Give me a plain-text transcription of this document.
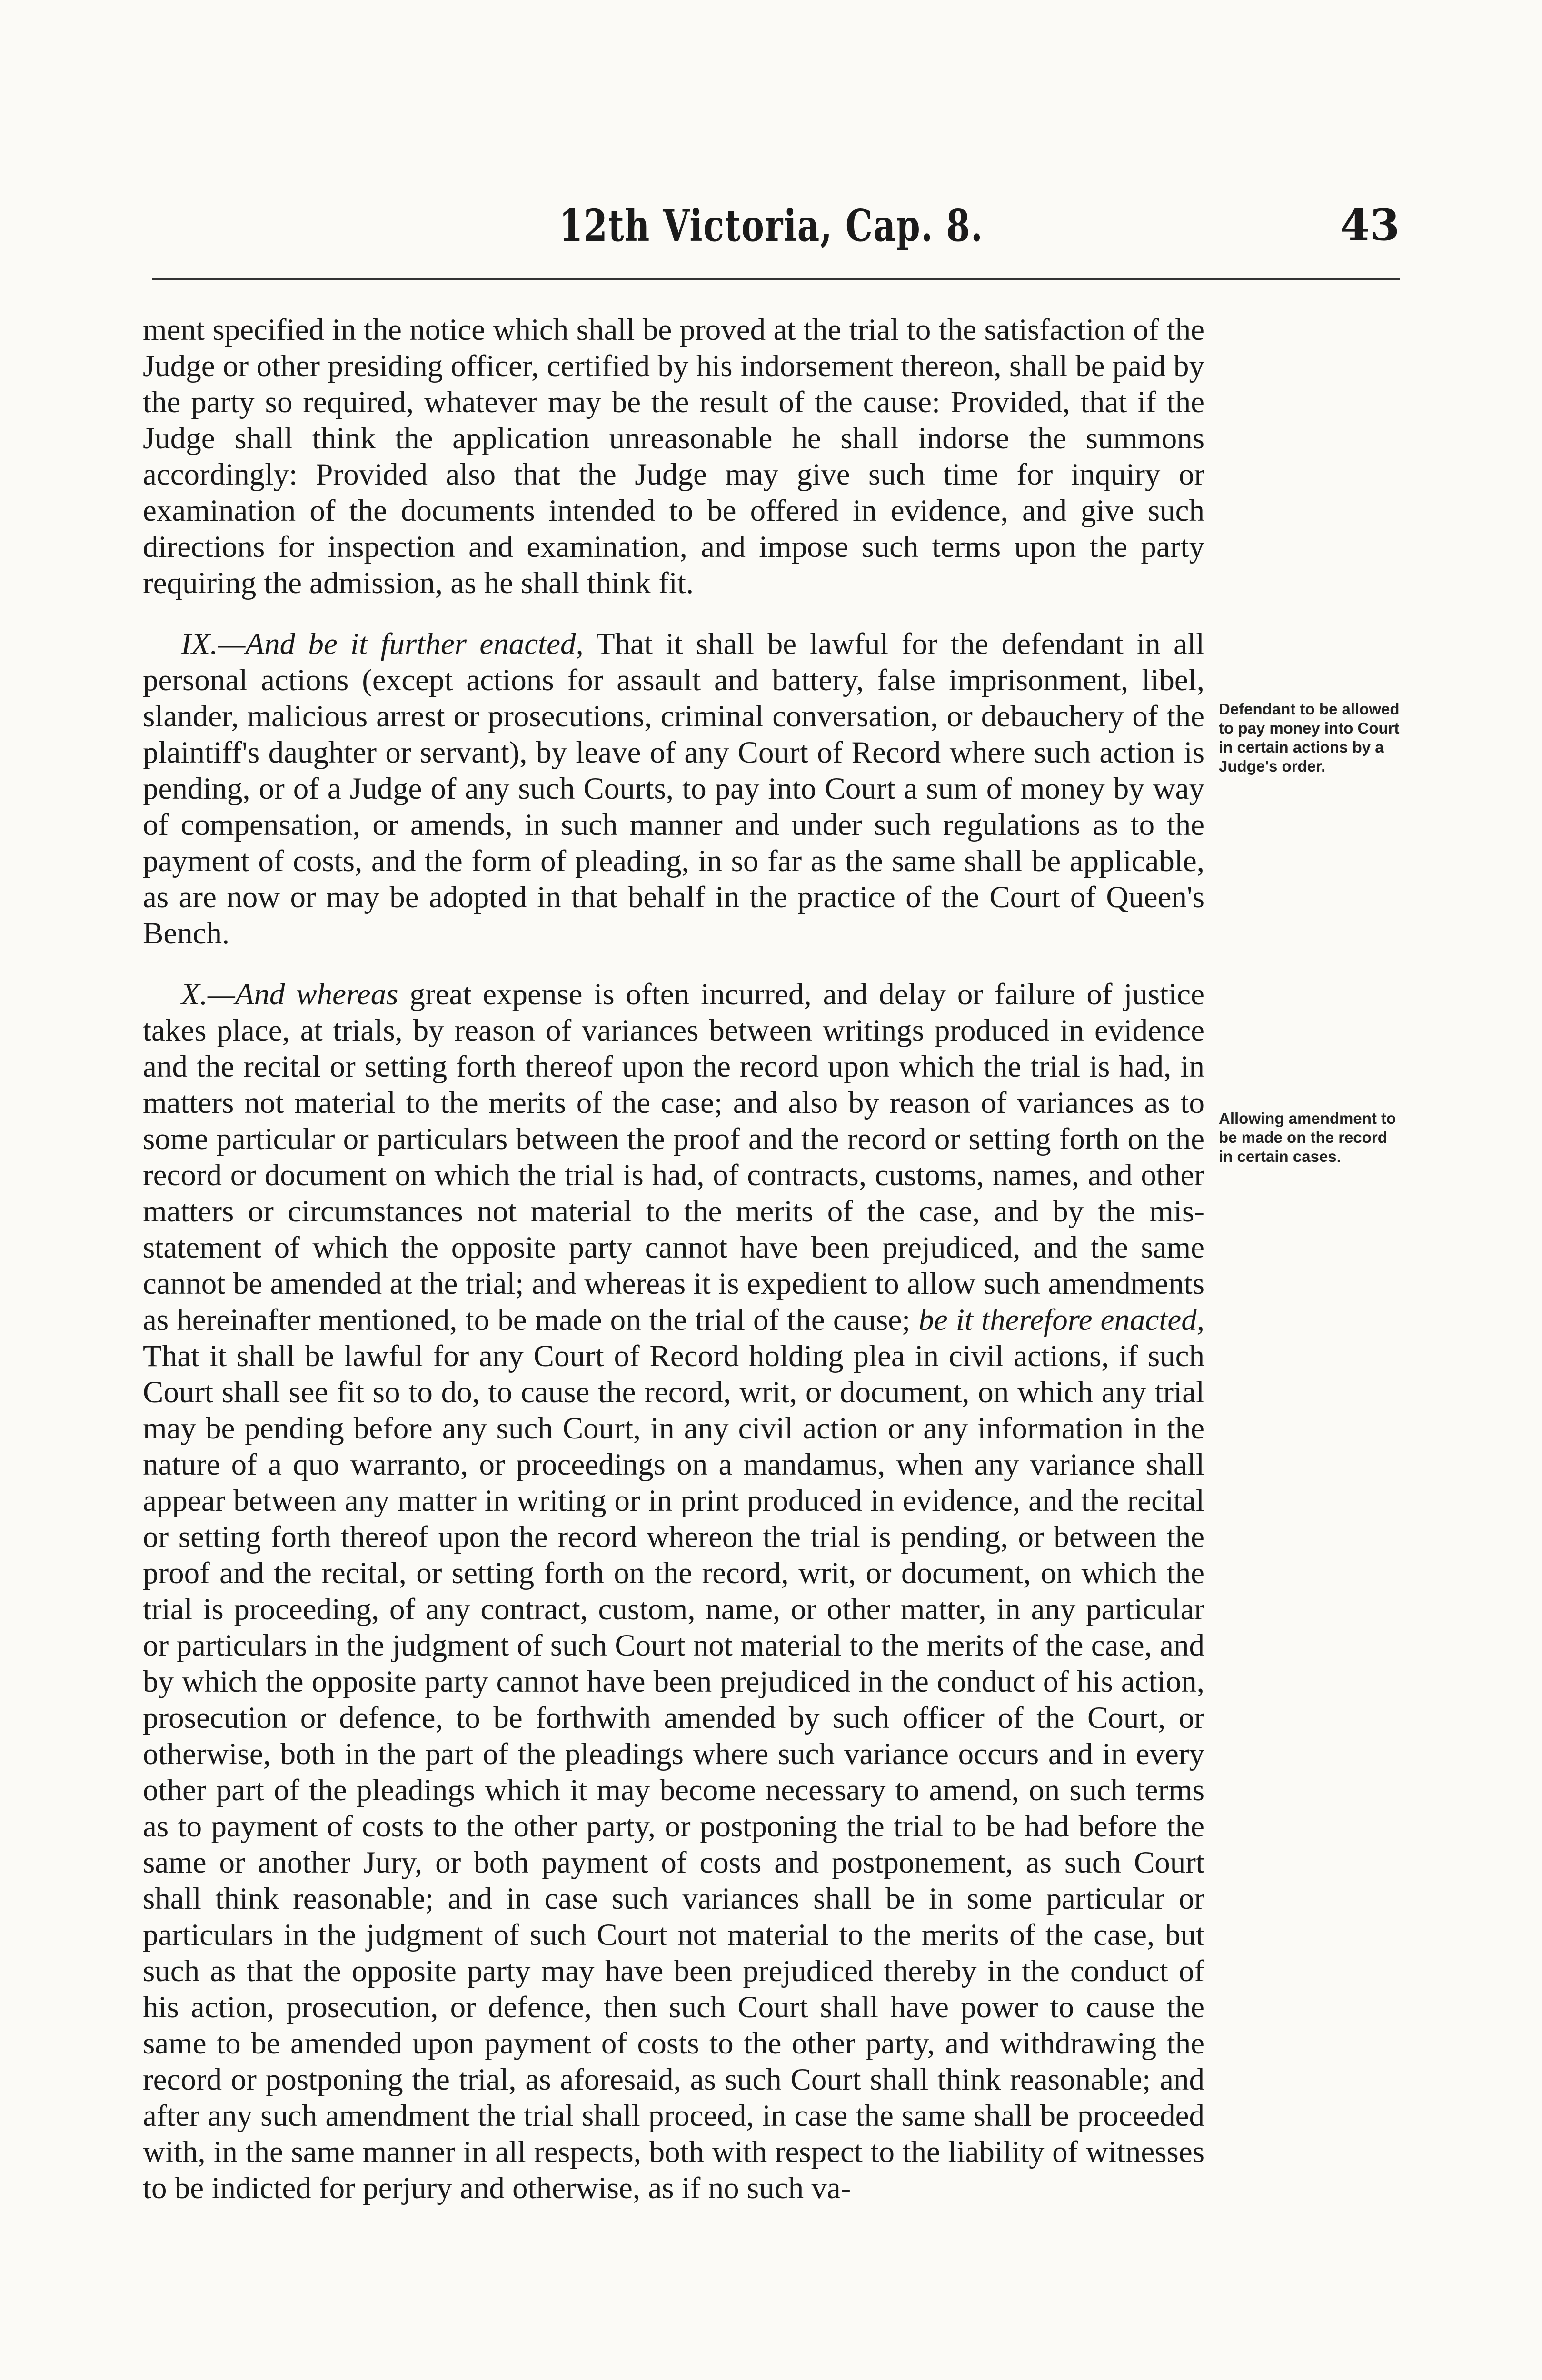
12th Victoria, Cap. 8.	43

ment specified in the notice which shall be proved at the trial to the satisfaction of the Judge or other presiding officer, certified by his indorsement thereon, shall be paid by the party so required, whatever may be the result of the cause: Provided, that if the Judge shall think the application unreasonable he shall indorse the summons accordingly: Provided also that the Judge may give such time for inquiry or examination of the documents intended to be offered in evidence, and give such directions for inspection and examination, and impose such terms upon the party requiring the admission, as he shall think fit.

IX.—And be it further enacted, That it shall be lawful for the defendant in all personal actions (except actions for assault and battery, false imprisonment, libel, slander, malicious arrest or prosecutions, criminal conversation, or debauchery of the plaintiff's daughter or servant), by leave of any Court of Record where such action is pending, or of a Judge of any such Courts, to pay into Court a sum of money by way of compensation, or amends, in such manner and under such regulations as to the payment of costs, and the form of pleading, in so far as the same shall be applicable, as are now or may be adopted in that behalf in the practice of the Court of Queen's Bench.

X.—And whereas great expense is often incurred, and delay or failure of justice takes place, at trials, by reason of variances between writings produced in evidence and the recital or setting forth thereof upon the record upon which the trial is had, in matters not material to the merits of the case; and also by reason of variances as to some particular or particulars between the proof and the record or setting forth on the record or document on which the trial is had, of contracts, customs, names, and other matters or circumstances not material to the merits of the case, and by the mis-statement of which the opposite party cannot have been prejudiced, and the same cannot be amended at the trial; and whereas it is expedient to allow such amendments as hereinafter mentioned, to be made on the trial of the cause; be it therefore enacted, That it shall be lawful for any Court of Record holding plea in civil actions, if such Court shall see fit so to do, to cause the record, writ, or document, on which any trial may be pending before any such Court, in any civil action or any information in the nature of a quo warranto, or proceedings on a mandamus, when any variance shall appear between any matter in writing or in print produced in evidence, and the recital or setting forth thereof upon the record whereon the trial is pending, or between the proof and the recital, or setting forth on the record, writ, or document, on which the trial is proceeding, of any contract, custom, name, or other matter, in any particular or particulars in the judgment of such Court not material to the merits of the case, and by which the opposite party cannot have been prejudiced in the conduct of his action, prosecution or defence, to be forthwith amended by such officer of the Court, or otherwise, both in the part of the pleadings where such variance occurs and in every other part of the pleadings which it may become necessary to amend, on such terms as to payment of costs to the other party, or postponing the trial to be had before the same or another Jury, or both payment of costs and postponement, as such Court shall think reasonable; and in case such variances shall be in some particular or particulars in the judgment of such Court not material to the merits of the case, but such as that the opposite party may have been prejudiced thereby in the conduct of his action, prosecution, or defence, then such Court shall have power to cause the same to be amended upon payment of costs to the other party, and withdrawing the record or postponing the trial, as aforesaid, as such Court shall think reasonable; and after any such amendment the trial shall proceed, in case the same shall be proceeded with, in the same manner in all respects, both with respect to the liability of witnesses to be indicted for perjury and otherwise, as if no such va-

Defendant to be allowed to pay money into Court in certain actions by a Judge's order.
Allowing amendment to be made on the record in certain cases.
